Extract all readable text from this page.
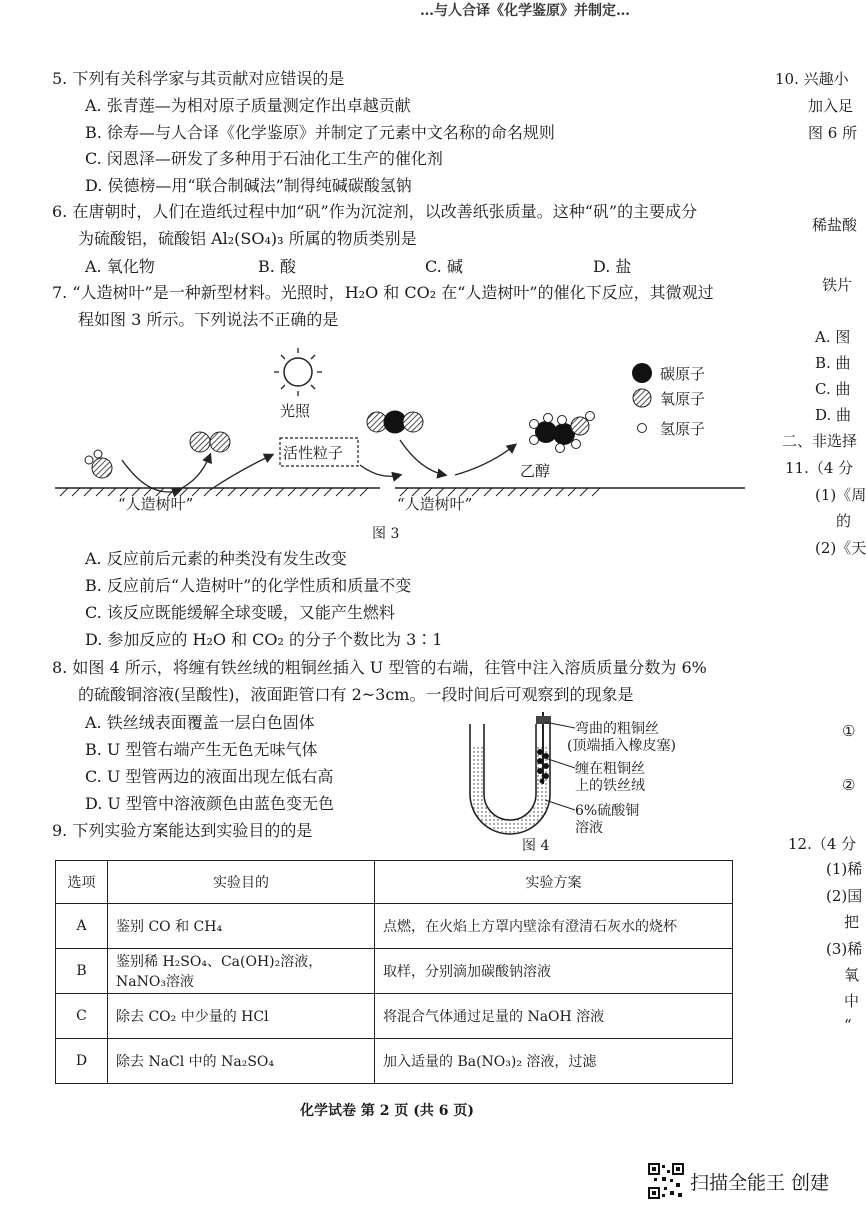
…与人合译《化学鉴原》并制定…
5. 下列有关科学家与其贡献对应错误的是
A. 张青莲—为相对原子质量测定作出卓越贡献
B. 徐寿—与人合译《化学鉴原》并制定了元素中文名称的命名规则
C. 闵恩泽—研发了多种用于石油化工生产的催化剂
D. 侯德榜—用“联合制碱法”制得纯碱碳酸氢钠
6. 在唐朝时，人们在造纸过程中加“矾”作为沉淀剂，以改善纸张质量。这种“矾”的主要成分
为硫酸铝，硫酸铝 Al₂(SO₄)₃ 所属的物质类别是
A. 氧化物	B. 酸	C. 碱	D. 盐
7. “人造树叶”是一种新型材料。光照时，H₂O 和 CO₂ 在“人造树叶”的催化下反应，其微观过
程如图 3 所示。下列说法不正确的是
光照
活性粒子
乙醇
“人造树叶”	“人造树叶”
碳原子
氧原子
氢原子
图 3
A. 反应前后元素的种类没有发生改变
B. 反应前后“人造树叶”的化学性质和质量不变
C. 该反应既能缓解全球变暖，又能产生燃料
D. 参加反应的 H₂O 和 CO₂ 的分子个数比为 3∶1
8. 如图 4 所示，将缠有铁丝绒的粗铜丝插入 U 型管的右端，往管中注入溶质质量分数为 6%
的硫酸铜溶液(呈酸性)，液面距管口有 2~3cm。一段时间后可观察到的现象是
A. 铁丝绒表面覆盖一层白色固体
B. U 型管右端产生无色无味气体
C. U 型管两边的液面出现左低右高
D. U 型管中溶液颜色由蓝色变无色
弯曲的粗铜丝
(顶端插入橡皮塞)
缠在粗铜丝
上的铁丝绒
6%硫酸铜
溶液
图 4
9. 下列实验方案能达到实验目的的是
选项	实验目的	实验方案
A	鉴别 CO 和 CH₄	点燃，在火焰上方罩内壁涂有澄清石灰水的烧杯
B	鉴别稀 H₂SO₄、Ca(OH)₂溶液，NaNO₃溶液	取样，分别滴加碳酸钠溶液
C	除去 CO₂ 中少量的 HCl	将混合气体通过足量的 NaOH 溶液
D	除去 NaCl 中的 Na₂SO₄	加入适量的 Ba(NO₃)₂ 溶液，过滤
化学试卷 第 2 页 (共 6 页)
扫描全能王 创建
10. 兴趣小
加入足
图 6 所
稀盐酸
铁片
A. 图
B. 曲
C. 曲
D. 曲
二、非选择
11.（4 分
(1)《周
的
(2)《天
①
②
12.（4 分
(1)稀
(2)国
把
(3)稀
氧
中
“
